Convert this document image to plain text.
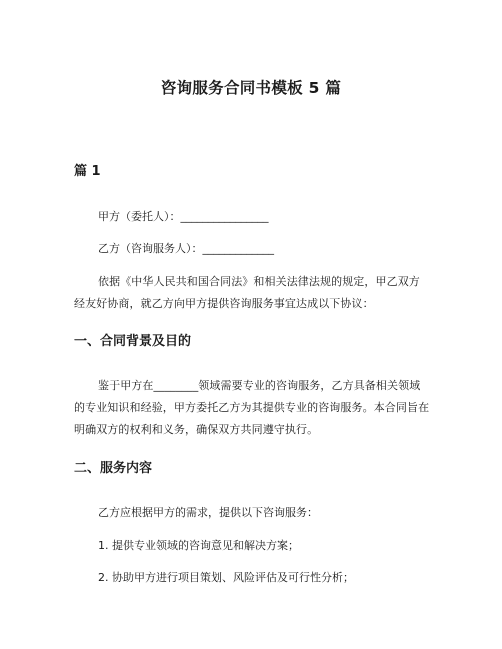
咨询服务合同书模板 5 篇
篇 1
甲方（委托人）：________________
乙方（咨询服务人）：_____________
依据《中华人民共和国合同法》和相关法律法规的规定，甲乙双方经友好协商，就乙方向甲方提供咨询服务事宜达成以下协议：
一、合同背景及目的
鉴于甲方在________领域需要专业的咨询服务，乙方具备相关领域的专业知识和经验，甲方委托乙方为其提供专业的咨询服务。本合同旨在明确双方的权利和义务，确保双方共同遵守执行。
二、服务内容
乙方应根据甲方的需求，提供以下咨询服务：
1. 提供专业领域的咨询意见和解决方案；
2. 协助甲方进行项目策划、风险评估及可行性分析；
